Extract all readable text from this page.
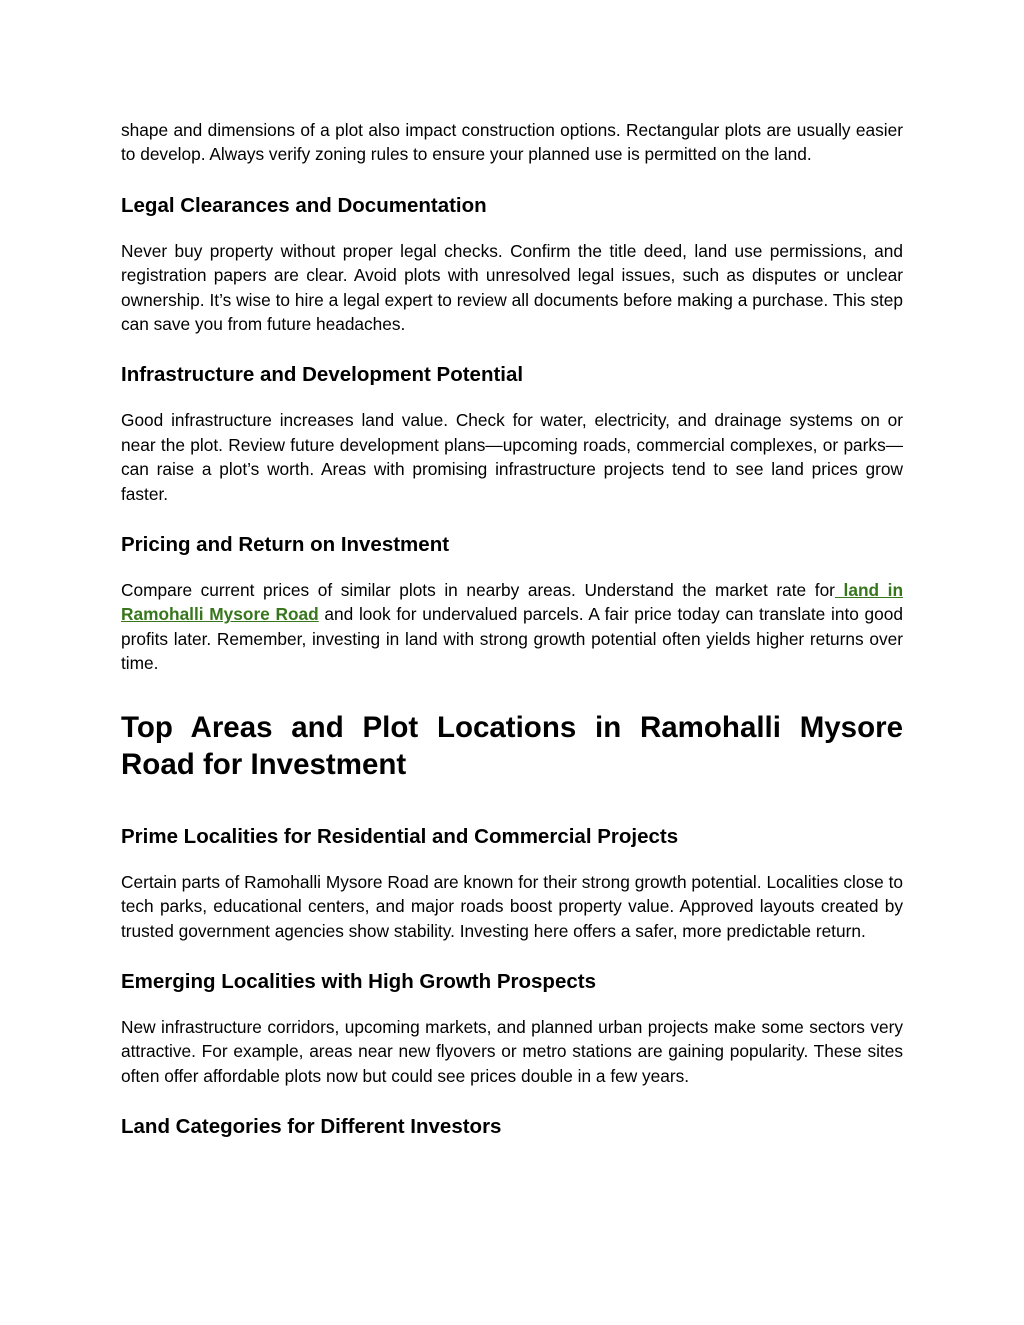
shape and dimensions of a plot also impact construction options. Rectangular plots are usually easier to develop. Always verify zoning rules to ensure your planned use is permitted on the land.

Legal Clearances and Documentation

Never buy property without proper legal checks. Confirm the title deed, land use permissions, and registration papers are clear. Avoid plots with unresolved legal issues, such as disputes or unclear ownership. It’s wise to hire a legal expert to review all documents before making a purchase. This step can save you from future headaches.

Infrastructure and Development Potential

Good infrastructure increases land value. Check for water, electricity, and drainage systems on or near the plot. Review future development plans—upcoming roads, commercial complexes, or parks—can raise a plot’s worth. Areas with promising infrastructure projects tend to see land prices grow faster.

Pricing and Return on Investment

Compare current prices of similar plots in nearby areas. Understand the market rate for land in Ramohalli Mysore Road and look for undervalued parcels. A fair price today can translate into good profits later. Remember, investing in land with strong growth potential often yields higher returns over time.

Top Areas and Plot Locations in Ramohalli Mysore Road for Investment
Prime Localities for Residential and Commercial Projects

Certain parts of Ramohalli Mysore Road are known for their strong growth potential. Localities close to tech parks, educational centers, and major roads boost property value. Approved layouts created by trusted government agencies show stability. Investing here offers a safer, more predictable return.

Emerging Localities with High Growth Prospects

New infrastructure corridors, upcoming markets, and planned urban projects make some sectors very attractive. For example, areas near new flyovers or metro stations are gaining popularity. These sites often offer affordable plots now but could see prices double in a few years.

Land Categories for Different Investors
